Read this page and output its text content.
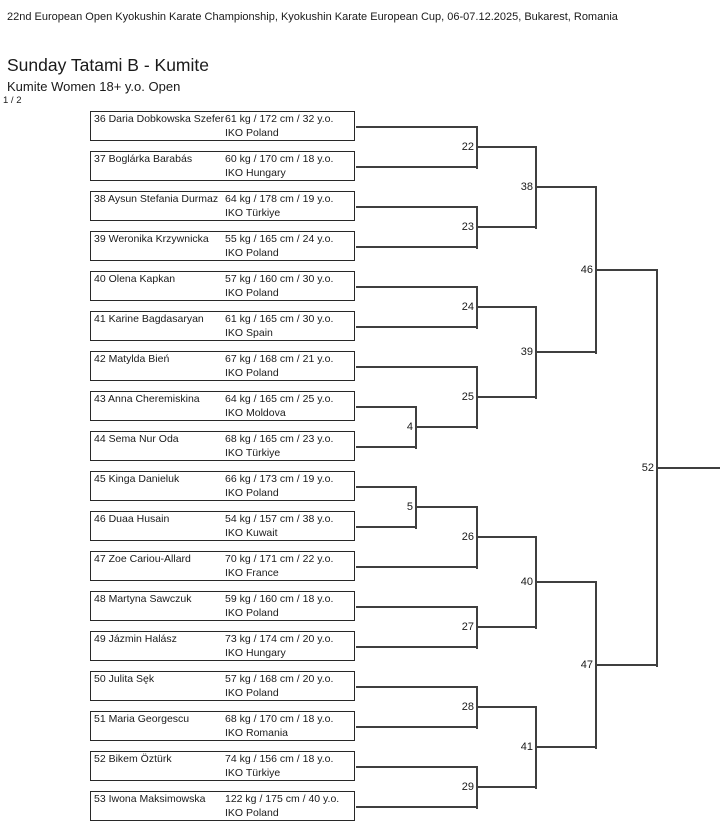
22nd European Open Kyokushin Karate Championship, Kyokushin Karate European Cup, 06-07.12.2025, Bukarest, Romania
Sunday Tatami B - Kumite
Kumite Women 18+ y.o. Open
1 / 2
36 Daria Dobkowska Szefer 61 kg / 172 cm / 32 y.o.
IKO Poland
37 Boglárka Barabás	60 kg / 170 cm / 18 y.o.
IKO Hungary
38 Aysun Stefania Durmaz 64 kg / 178 cm / 19 y.o.
IKO Türkiye
39 Weronika Krzywnicka 55 kg / 165 cm / 24 y.o.
IKO Poland
40 Olena Kapkan	57 kg / 160 cm / 30 y.o.
IKO Poland
41 Karine Bagdasaryan 61 kg / 165 cm / 30 y.o.
IKO Spain
42 Matylda Bień	67 kg / 168 cm / 21 y.o.
IKO Poland
43 Anna Cheremiskina 64 kg / 165 cm / 25 y.o.
IKO Moldova
44 Sema Nur Oda	68 kg / 165 cm / 23 y.o.
IKO Türkiye
45 Kinga Danieluk	66 kg / 173 cm / 19 y.o.
IKO Poland
46 Duaa Husain	54 kg / 157 cm / 38 y.o.
IKO Kuwait
47 Zoe Cariou-Allard	70 kg / 171 cm / 22 y.o.
IKO France
48 Martyna Sawczuk	59 kg / 160 cm / 18 y.o.
IKO Poland
49 Jázmin Halász	73 kg / 174 cm / 20 y.o.
IKO Hungary
50 Julita Sęk	57 kg / 168 cm / 20 y.o.
IKO Poland
51 Maria Georgescu	68 kg / 170 cm / 18 y.o.
IKO Romania
52 Bikem Öztürk	74 kg / 156 cm / 18 y.o.
IKO Türkiye
53 Iwona Maksimowska 122 kg / 175 cm / 40 y.o.
IKO Poland
4
5
22
23
24
25
26
27
28
29
38
39
40
41
46
47
52
